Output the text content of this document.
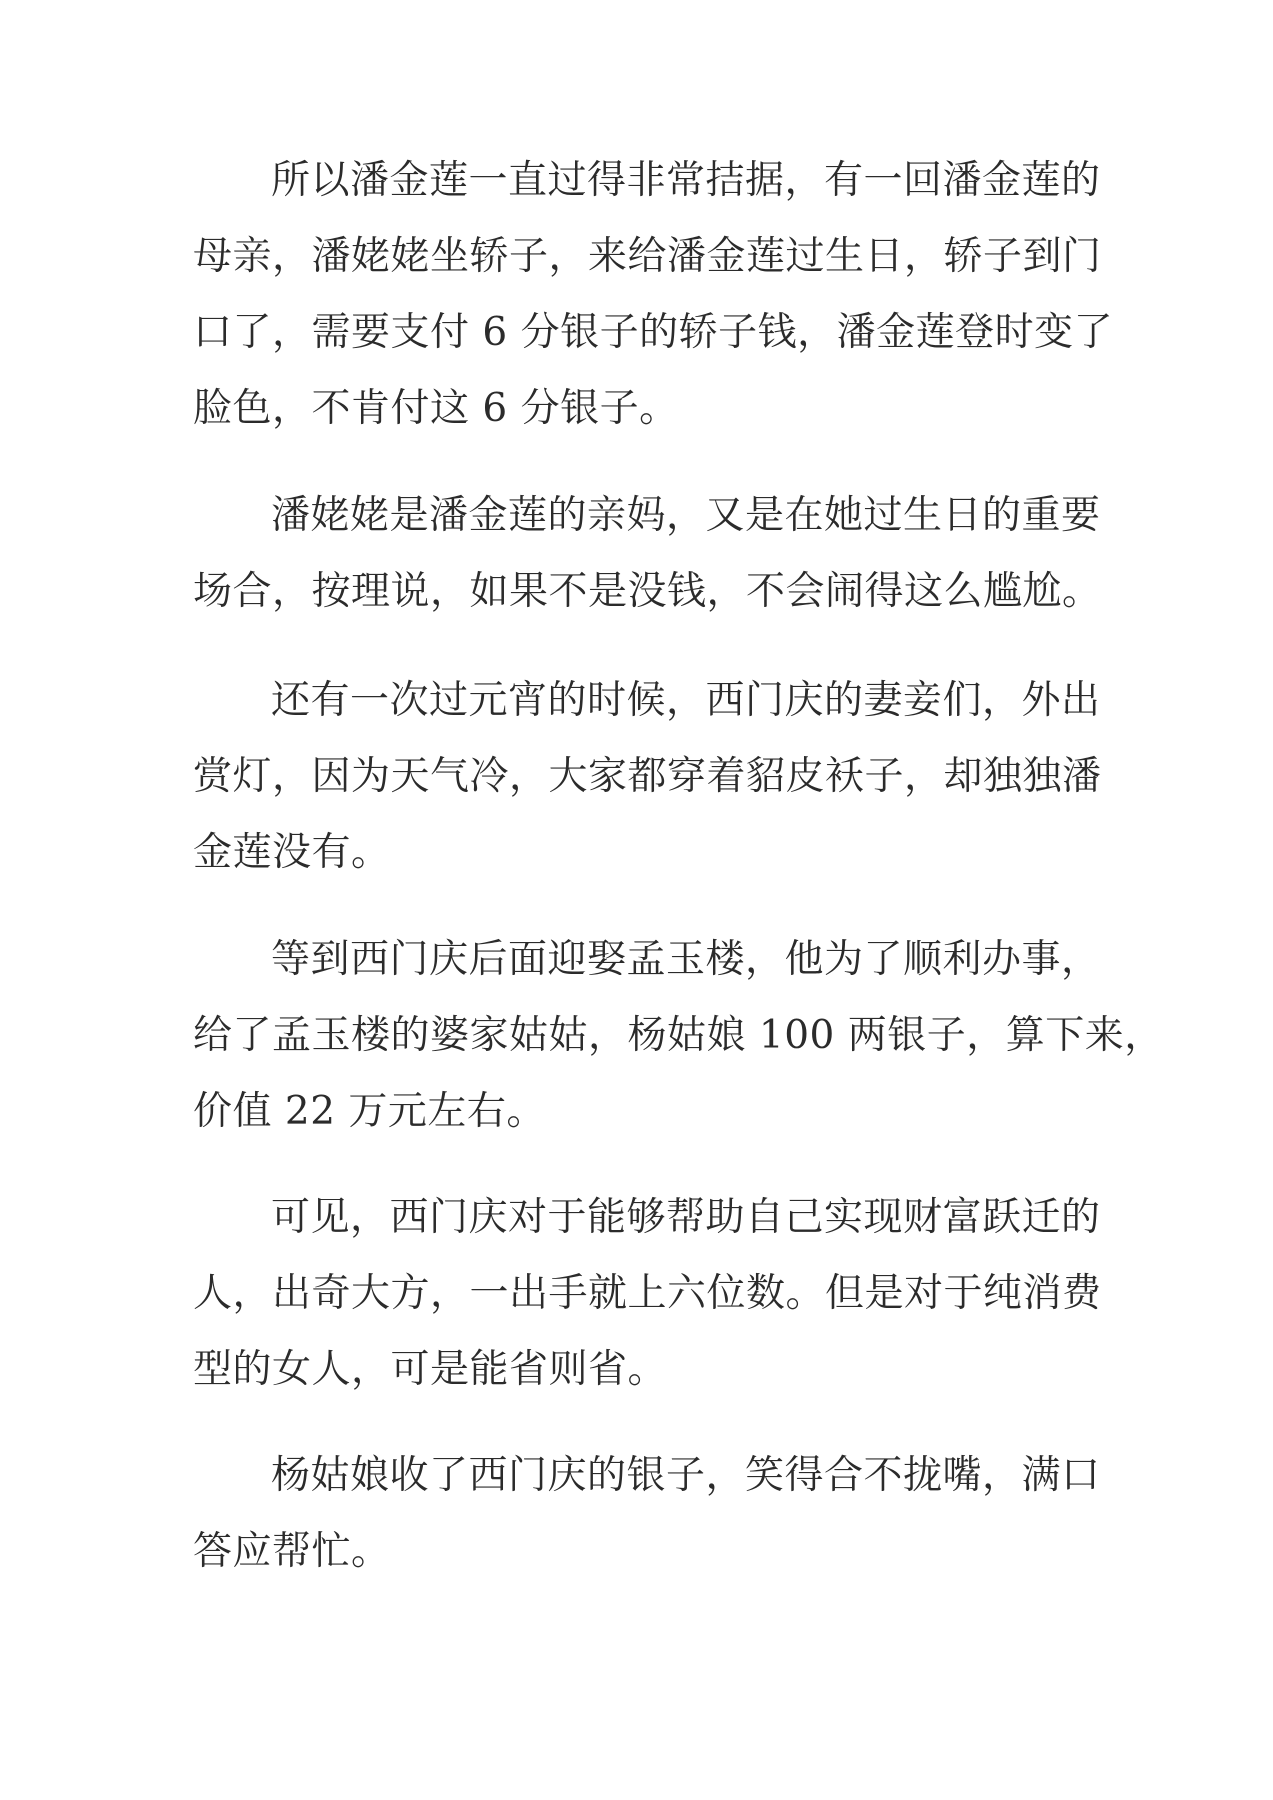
所以潘金莲一直过得非常拮据，有一回潘金莲的
母亲，潘姥姥坐轿子，来给潘金莲过生日，轿子到门
口了，需要支付 6 分银子的轿子钱，潘金莲登时变了
脸色，不肯付这 6 分银子。
潘姥姥是潘金莲的亲妈，又是在她过生日的重要
场合，按理说，如果不是没钱，不会闹得这么尴尬。
还有一次过元宵的时候，西门庆的妻妾们，外出
赏灯，因为天气冷，大家都穿着貂皮袄子，却独独潘
金莲没有。
等到西门庆后面迎娶孟玉楼，他为了顺利办事，
给了孟玉楼的婆家姑姑，杨姑娘 100 两银子，算下来，
价值 22 万元左右。
可见，西门庆对于能够帮助自己实现财富跃迁的
人，出奇大方，一出手就上六位数。但是对于纯消费
型的女人，可是能省则省。
杨姑娘收了西门庆的银子，笑得合不拢嘴，满口
答应帮忙。
